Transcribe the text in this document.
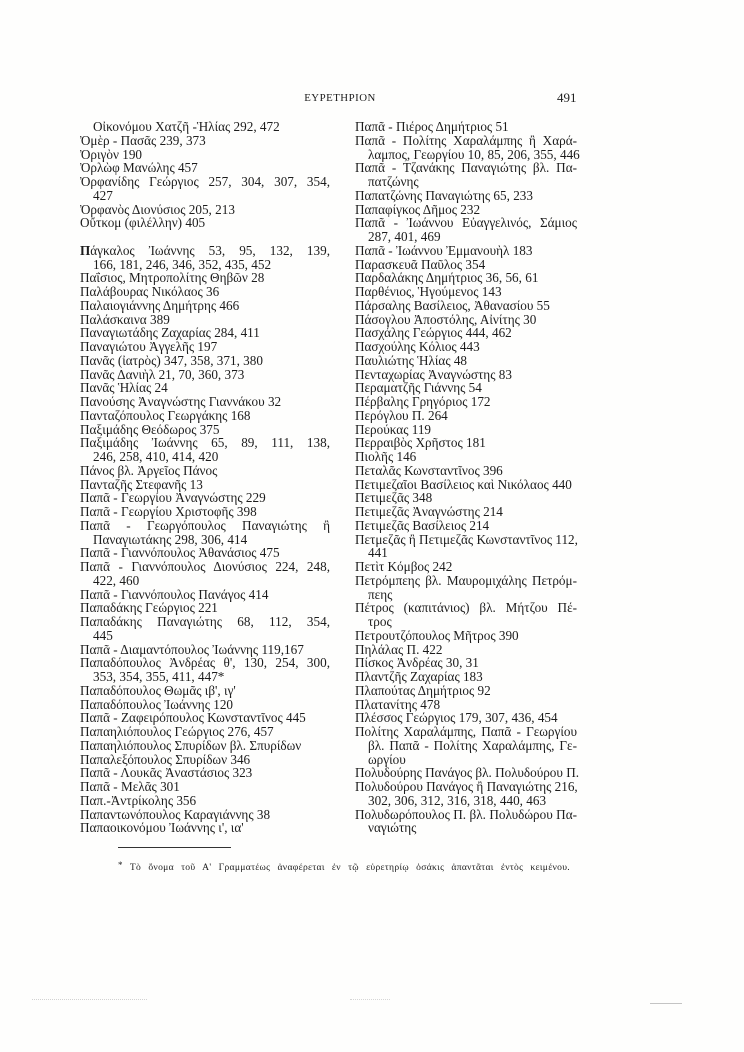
ΕΥΡΕΤΗΡΙΟΝ	491
Οἰκονόμου Χατζῆ -Ἡλίας 292, 472
Ὀμὲρ - Πασᾶς 239, 373
Ὀριγὸν 190
Ὀρλὼφ Μανώλης 457
Ὀρφανίδης Γεώργιος 257, 304, 307, 354,
427
Ὀρφανὸς Διονύσιος 205, 213
Οὔτκομ (φιλέλλην) 405
Πάγκαλος Ἰωάννης 53, 95, 132, 139,
166, 181, 246, 346, 352, 435, 452
Παΐσιος, Μητροπολίτης Θηβῶν 28
Παλάβουρας Νικόλαος 36
Παλαιογιάννης Δημήτρης 466
Παλάσκαινα 389
Παναγιωτάδης Ζαχαρίας 284, 411
Παναγιώτου Ἀγγελῆς 197
Πανᾶς (ἰατρὸς) 347, 358, 371, 380
Πανᾶς Δανιὴλ 21, 70, 360, 373
Πανᾶς Ἡλίας 24
Πανούσης Ἀναγνώστης Γιαννάκου 32
Πανταζόπουλος Γεωργάκης 168
Παξιμάδης Θεόδωρος 375
Παξιμάδης Ἰωάννης 65, 89, 111, 138,
246, 258, 410, 414, 420
Πάνος βλ. Ἀργεῖος Πάνος
Πανταζῆς Στεφανῆς 13
Παπᾶ - Γεωργίου Ἀναγνώστης 229
Παπᾶ - Γεωργίου Χριστοφῆς 398
Παπᾶ - Γεωργόπουλος Παναγιώτης ἢ
Παναγιωτάκης 298, 306, 414
Παπᾶ - Γιαννόπουλος Ἀθανάσιος 475
Παπᾶ - Γιαννόπουλος Διονύσιος 224, 248,
422, 460
Παπᾶ - Γιαννόπουλος Πανάγος 414
Παπαδάκης Γεώργιος 221
Παπαδάκης Παναγιώτης 68, 112, 354,
445
Παπᾶ - Διαμαντόπουλος Ἰωάννης 119,167
Παπαδόπουλος Ἀνδρέας θ', 130, 254, 300,
353, 354, 355, 411, 447*
Παπαδόπουλος Θωμᾶς ιβ', ιγ'
Παπαδόπουλος Ἰωάννης 120
Παπᾶ - Ζαφειρόπουλος Κωνσταντῖνος 445
Παπαηλιόπουλος Γεώργιος 276, 457
Παπαηλιόπουλος Σπυρίδων βλ. Σπυρίδων
Παπαλεξόπουλος Σπυρίδων 346
Παπᾶ - Λουκᾶς Ἀναστάσιος 323
Παπᾶ - Μελᾶς 301
Παπ.-Ἀντρίκολης 356
Παπαντωνόπουλος Καραγιάννης 38
Παπαοικονόμου Ἰωάννης ι', ια'
Παπᾶ - Πιέρος Δημήτριος 51
Παπᾶ - Πολίτης Χαραλάμπης ἢ Χαρά-
λαμπος, Γεωργίου 10, 85, 206, 355, 446
Παπᾶ - Τζανάκης Παναγιώτης βλ. Πα-
πατζώνης
Παπατζώνης Παναγιώτης 65, 233
Παπαφίγκος Δῆμος 232
Παπᾶ - Ἰωάννου Εὐαγγελινός, Σάμιος
287, 401, 469
Παπᾶ - Ἰωάννου Ἐμμανουὴλ 183
Παρασκευᾶ Παῦλος 354
Παρδαλάκης Δημήτριος 36, 56, 61
Παρθένιος, Ἡγούμενος 143
Πάρσαλης Βασίλειος, Ἀθανασίου 55
Πάσογλου Ἀποστόλης, Αἰνίτης 30
Πασχάλης Γεώργιος 444, 462
Πασχούλης Κόλιος 443
Παυλιώτης Ἡλίας 48
Πενταχωρίας Ἀναγνώστης 83
Περαματζῆς Γιάννης 54
Πέρβαλης Γρηγόριος 172
Περόγλου Π. 264
Περούκας 119
Περραιβὸς Χρῆστος 181
Πιολῆς 146
Πεταλᾶς Κωνσταντῖνος 396
Πετιμεζαῖοι Βασίλειος καὶ Νικόλαος 440
Πετιμεζᾶς 348
Πετιμεζᾶς Ἀναγνώστης 214
Πετιμεζᾶς Βασίλειος 214
Πετμεζᾶς ἢ Πετιμεζᾶς Κωνσταντῖνος 112,
441
Πετὶτ Κόμβος 242
Πετρόμπεης βλ. Μαυρομιχάλης Πετρόμ-
πεης
Πέτρος (καπιτάνιος) βλ. Μήτζου Πέ-
τρος
Πετρουτζόπουλος Μῆτρος 390
Πηλάλας Π. 422
Πίσκος Ἀνδρέας 30, 31
Πλαντζῆς Ζαχαρίας 183
Πλαπούτας Δημήτριος 92
Πλατανίτης 478
Πλέσσος Γεώργιος 179, 307, 436, 454
Πολίτης Χαραλάμπης, Παπᾶ - Γεωργίου
βλ. Παπᾶ - Πολίτης Χαραλάμπης, Γε-
ωργίου
Πολυδούρης Πανάγος βλ. Πολυδούρου Π.
Πολυδούρου Πανάγος ἢ Παναγιώτης 216,
302, 306, 312, 316, 318, 440, 463
Πολυδωρόπουλος Π. βλ. Πολυδώρου Πα-
ναγιώτης
* Τὸ ὄνομα τοῦ Α' Γραμματέως ἀναφέρεται ἐν τῷ εὑρετηρίῳ ὁσάκις ἀπαντᾶται ἐντὸς κειμένου.
